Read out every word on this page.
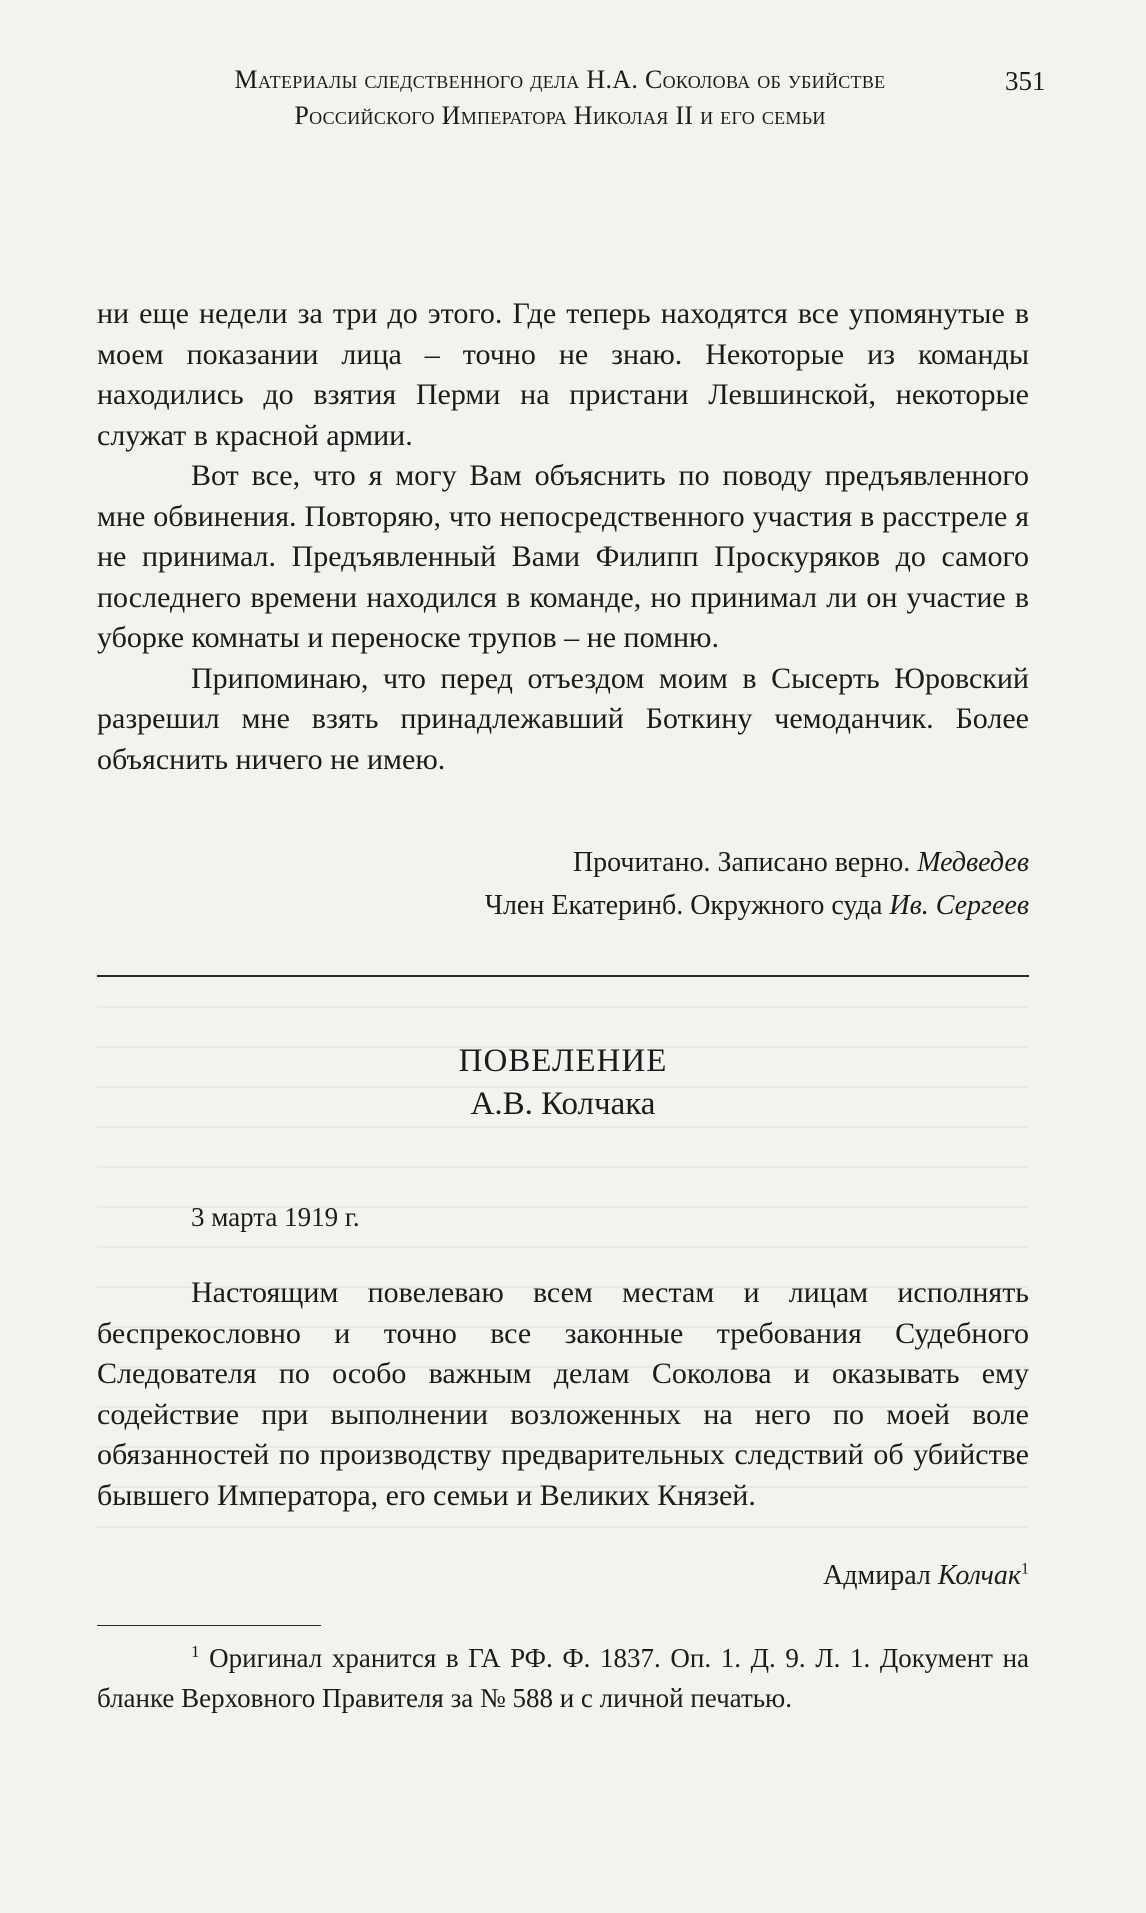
Материалы следственного дела Н.А. Соколова об убийстве
Российского Императора Николая II и его семьи
351

ни еще недели за три до этого. Где теперь находятся все упомянутые в моем показании лица – точно не знаю. Некоторые из команды находились до взятия Перми на пристани Левшинской, некоторые служат в красной армии.

Вот все, что я могу Вам объяснить по поводу предъявленного мне обвинения. Повторяю, что непосредственного участия в расстреле я не принимал. Предъявленный Вами Филипп Проскуряков до самого последнего времени находился в команде, но принимал ли он участие в уборке комнаты и переноске трупов – не помню.

Припоминаю, что перед отъездом моим в Сысерть Юровский разрешил мне взять принадлежавший Боткину чемоданчик. Более объяснить ничего не имею.

Прочитано. Записано верно. Медведев
Член Екатеринб. Окружного суда Ив. Сергеев
ПОВЕЛЕНИЕ
А.В. Колчака
3 марта 1919 г.

Настоящим повелеваю всем местам и лицам исполнять беспрекословно и точно все законные требования Судебного Следователя по особо важным делам Соколова и оказывать ему содействие при выполнении возложенных на него по моей воле обязанностей по производству предварительных следствий об убийстве бывшего Императора, его семьи и Великих Князей.

Адмирал Колчак$^1$
$^1$ Оригинал хранится в ГА РФ. Ф. 1837. Оп. 1. Д. 9. Л. 1. Документ на бланке Верховного Правителя за № 588 и с личной печатью.
